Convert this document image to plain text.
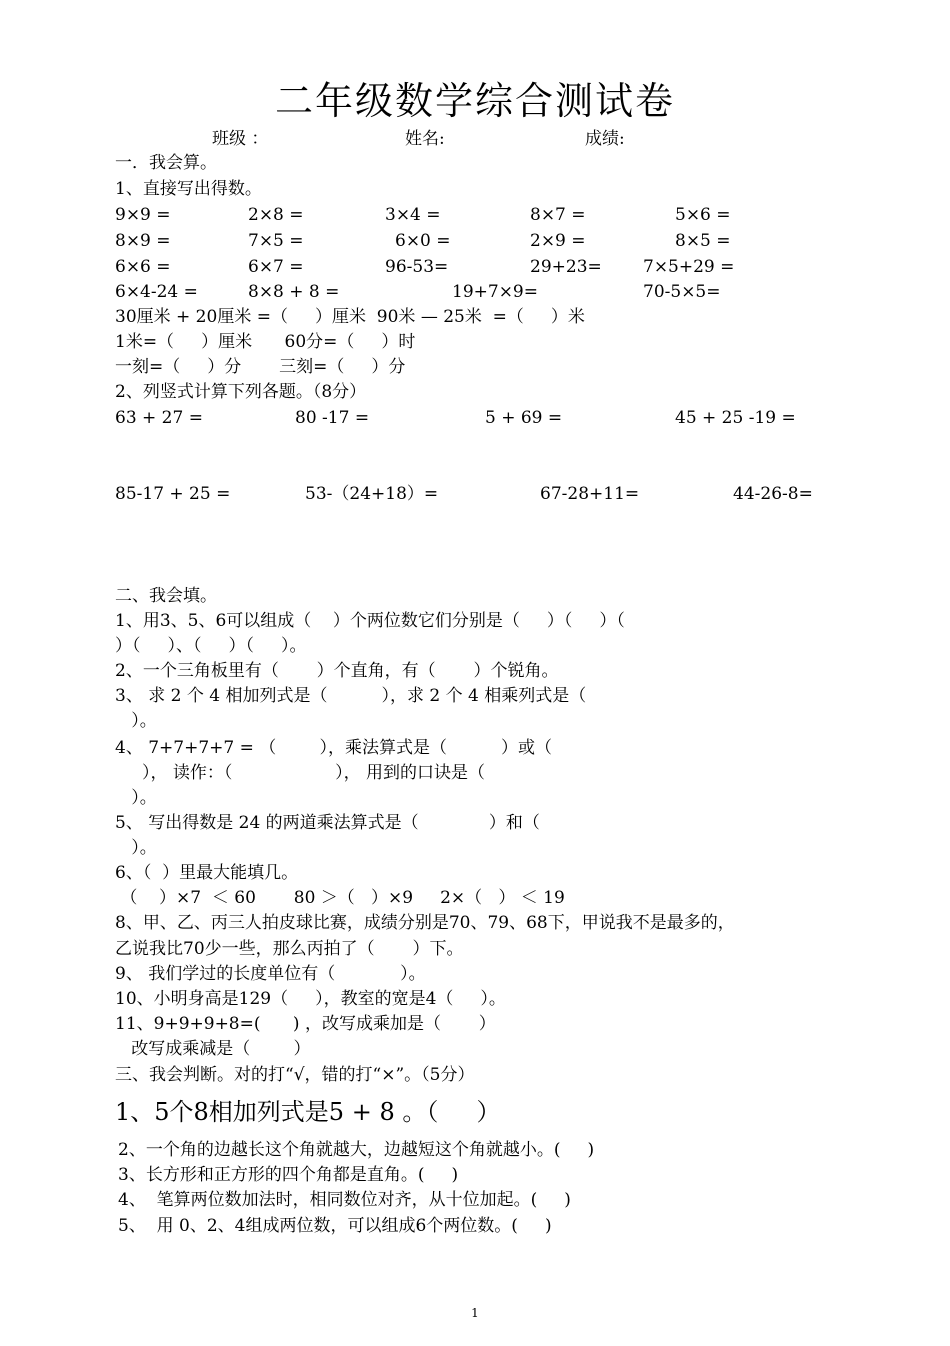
二年级数学综合测试卷
班级 ：	姓名:	成绩:
一．我会算。
1、直接写出得数。
9×9 =	2×8 =	3×4 =	8×7 =	5×6 =
8×9 =	7×5 =	6×0 =	2×9 =	8×5 =
6×6 =	6×7 =	96-53=	29+23= 7×5+29 =
6×4-24 =	8×8 + 8 =	19+7×9=	70-5×5=
30厘米 + 20厘米 =（     ）厘米  90米 — 25米  =（     ）米
1米=（     ）厘米      60分=（     ）时
一刻=（     ）分       三刻=（     ）分
2、列竖式计算下列各题。（8分）
63 + 27 =	80 -17 =	5 + 69 =	45 + 25 -19 =
85-17 + 25 =	53-（24+18）=	67-28+11=	44-26-8=
二、我会填。
1、用3、5、6可以组成（    ）个两位数它们分别是（     ）（     ）（
）（     ）、（     ）（     ）。
2、一个三角板里有（       ）个直角，有（       ）个锐角。
3、 求 2 个 4 相加列式是（          ），求 2 个 4 相乘列式是（
）。
4、 7+7+7+7 = （        ），乘法算式是（          ）或（
）， 读作：（                   ）， 用到的口诀是（
）。
5、 写出得数是 24 的两道乘法算式是（             ）和（
）。
6、（  ）里最大能填几。
（    ）×7  ＜ 60       80 ＞（   ）×9     2×（   ） ＜ 19
8、甲、乙、丙三人拍皮球比赛，成绩分别是70、79、68下，甲说我不是最多的，
乙说我比70少一些，那么丙拍了（       ）下。
9、 我们学过的长度单位有（            ）。
10、小明身高是129（     ），教室的宽是4（     ）。
11、9+9+9+8=(      ) ，改写成乘加是（       ）
改写成乘减是（        ）
三、我会判断。对的打“√，错的打“×”。（5分）
1、5个8相加列式是5 + 8 。（     ）
2、一个角的边越长这个角就越大，边越短这个角就越小。(     )
3、长方形和正方形的四个角都是直角。(     )
4、  笔算两位数加法时，相同数位对齐，从十位加起。(     )
5、  用 0、2、4组成两位数，可以组成6个两位数。(     )
1
